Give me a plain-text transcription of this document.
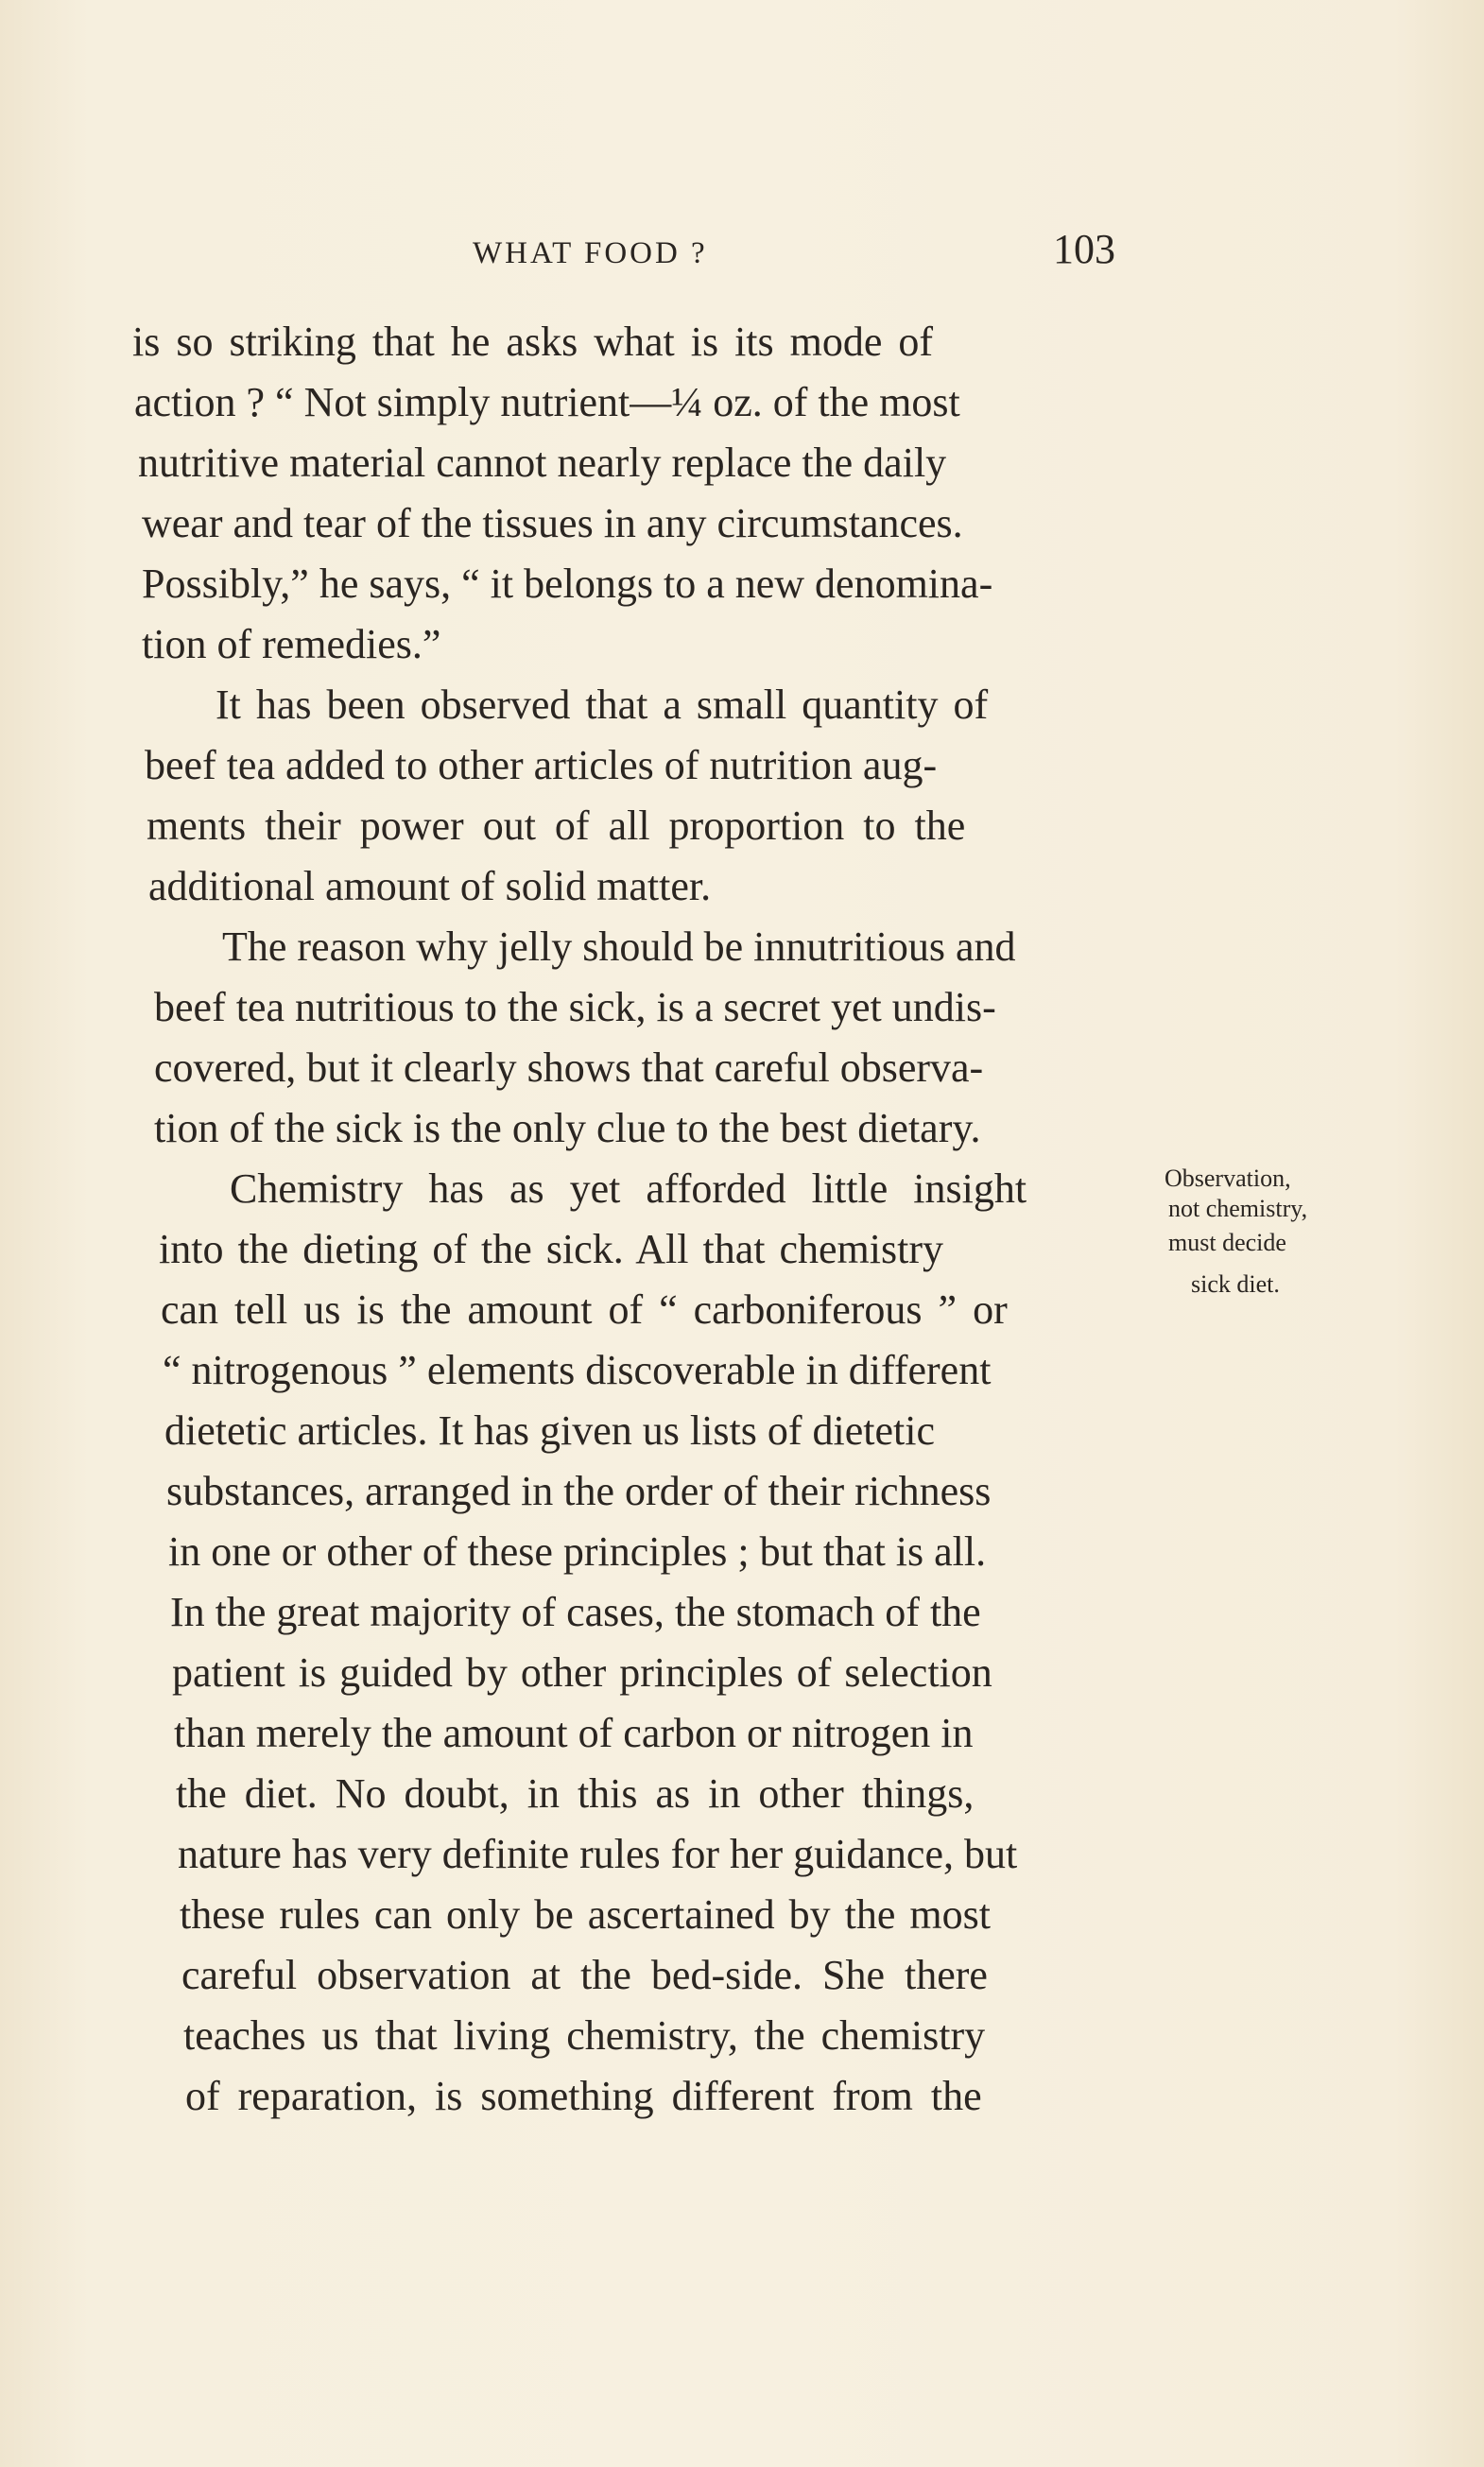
WHAT FOOD ?	103
is so striking that he asks what is its mode of
action ? “ Not simply nutrient—¼ oz. of the most
nutritive material cannot nearly replace the daily
wear and tear of the tissues in any circumstances.
Possibly,” he says, “ it belongs to a new denomina-
tion of remedies.”
It has been observed that a small quantity of
beef tea added to other articles of nutrition aug-
ments their power out of all proportion to the
additional amount of solid matter.
The reason why jelly should be innutritious and
beef tea nutritious to the sick, is a secret yet undis-
covered, but it clearly shows that careful observa-
tion of the sick is the only clue to the best dietary.
Chemistry has as yet afforded little insight
into the dieting of the sick. All that chemistry
can tell us is the amount of “ carboniferous ” or
“ nitrogenous ” elements discoverable in different
dietetic articles. It has given us lists of dietetic
substances, arranged in the order of their richness
in one or other of these principles ; but that is all.
In the great majority of cases, the stomach of the
patient is guided by other principles of selection
than merely the amount of carbon or nitrogen in
the diet. No doubt, in this as in other things,
nature has very definite rules for her guidance, but
these rules can only be ascertained by the most
careful observation at the bed-side. She there
teaches us that living chemistry, the chemistry
of reparation, is something different from the
Observation,
not chemistry,
must decide
sick diet.
